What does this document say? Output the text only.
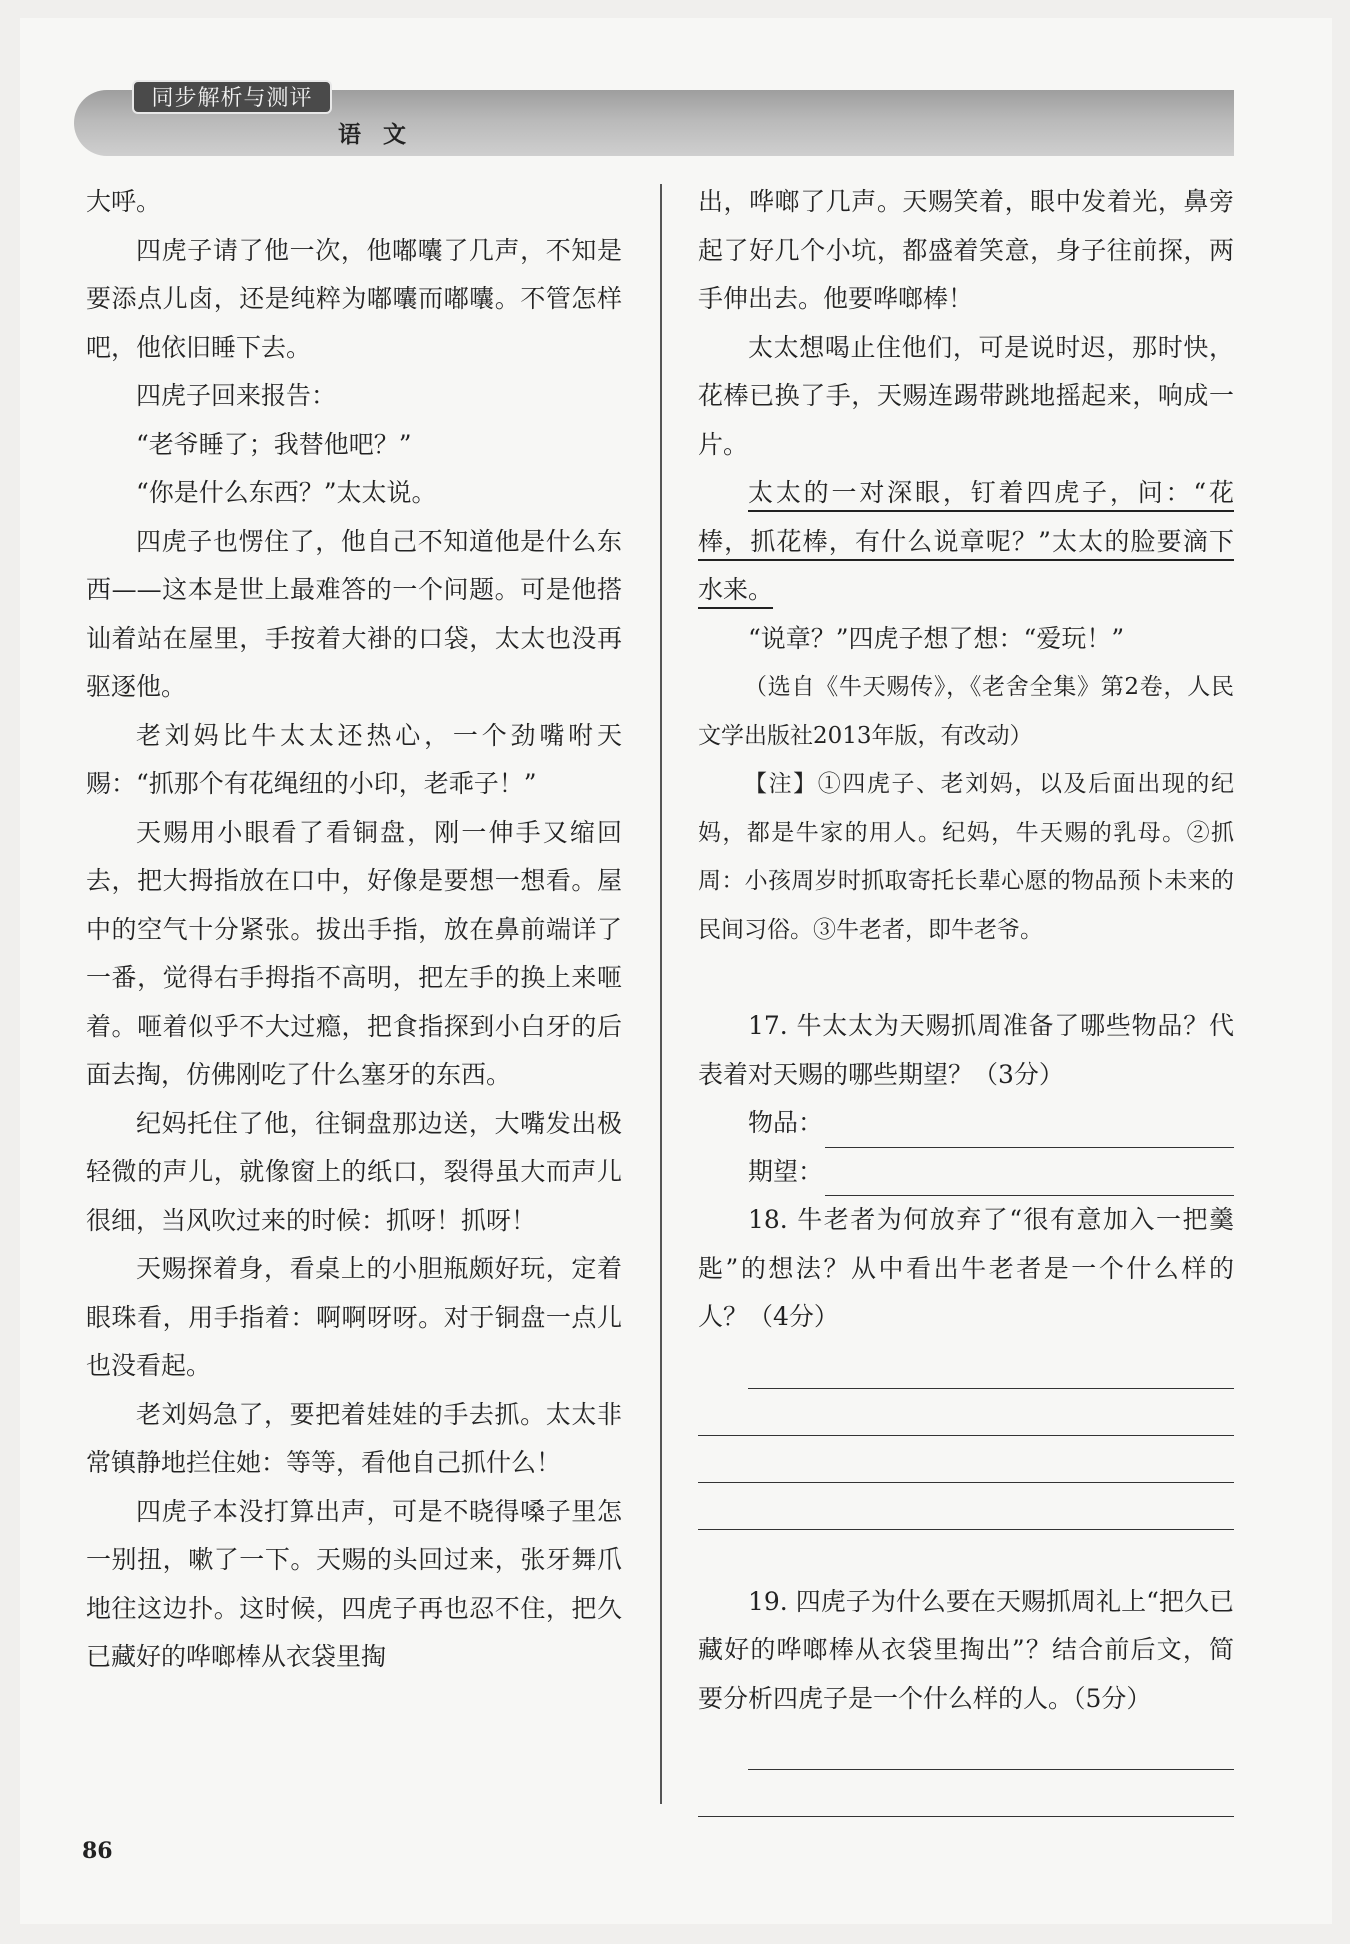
同步解析与测评
语文

大呼。

四虎子请了他一次，他嘟囔了几声，不知是要添点儿卤，还是纯粹为嘟囔而嘟囔。不管怎样吧，他依旧睡下去。

四虎子回来报告：

“老爷睡了；我替他吧？”

“你是什么东西？”太太说。

四虎子也愣住了，他自己不知道他是什么东西——这本是世上最难答的一个问题。可是他搭讪着站在屋里，手按着大褂的口袋，太太也没再驱逐他。

老刘妈比牛太太还热心，一个劲嘴咐天赐：“抓那个有花绳纽的小印，老乖子！”

天赐用小眼看了看铜盘，刚一伸手又缩回去，把大拇指放在口中，好像是要想一想看。屋中的空气十分紧张。拔出手指，放在鼻前端详了一番，觉得右手拇指不高明，把左手的换上来咂着。咂着似乎不大过瘾，把食指探到小白牙的后面去掏，仿佛刚吃了什么塞牙的东西。

纪妈托住了他，往铜盘那边送，大嘴发出极轻微的声儿，就像窗上的纸口，裂得虽大而声儿很细，当风吹过来的时候：抓呀！抓呀！

天赐探着身，看桌上的小胆瓶颇好玩，定着眼珠看，用手指着：啊啊呀呀。对于铜盘一点儿也没看起。

老刘妈急了，要把着娃娃的手去抓。太太非常镇静地拦住她：等等，看他自己抓什么！

四虎子本没打算出声，可是不晓得嗓子里怎一别扭，嗽了一下。天赐的头回过来，张牙舞爪地往这边扑。这时候，四虎子再也忍不住，把久已藏好的哗啷棒从衣袋里掏

出，哗啷了几声。天赐笑着，眼中发着光，鼻旁起了好几个小坑，都盛着笑意，身子往前探，两手伸出去。他要哗啷棒！

太太想喝止住他们，可是说时迟，那时快，花棒已换了手，天赐连踢带跳地摇起来，响成一片。

太太的一对深眼，钉着四虎子，问：“花棒，抓花棒，有什么说章呢？”太太的脸要滴下水来。

“说章？”四虎子想了想：“爱玩！”

（选自《牛天赐传》，《老舍全集》第2卷，人民文学出版社2013年版，有改动）

【注】①四虎子、老刘妈，以及后面出现的纪妈，都是牛家的用人。纪妈，牛天赐的乳母。②抓周：小孩周岁时抓取寄托长辈心愿的物品预卜未来的民间习俗。③牛老者，即牛老爷。

17. 牛太太为天赐抓周准备了哪些物品？代表着对天赐的哪些期望？（3分）

物品：
期望：

18. 牛老者为何放弃了“很有意加入一把羹匙”的想法？从中看出牛老者是一个什么样的人？（4分）

19. 四虎子为什么要在天赐抓周礼上“把久已藏好的哗啷棒从衣袋里掏出”？结合前后文，简要分析四虎子是一个什么样的人。（5分）

86
